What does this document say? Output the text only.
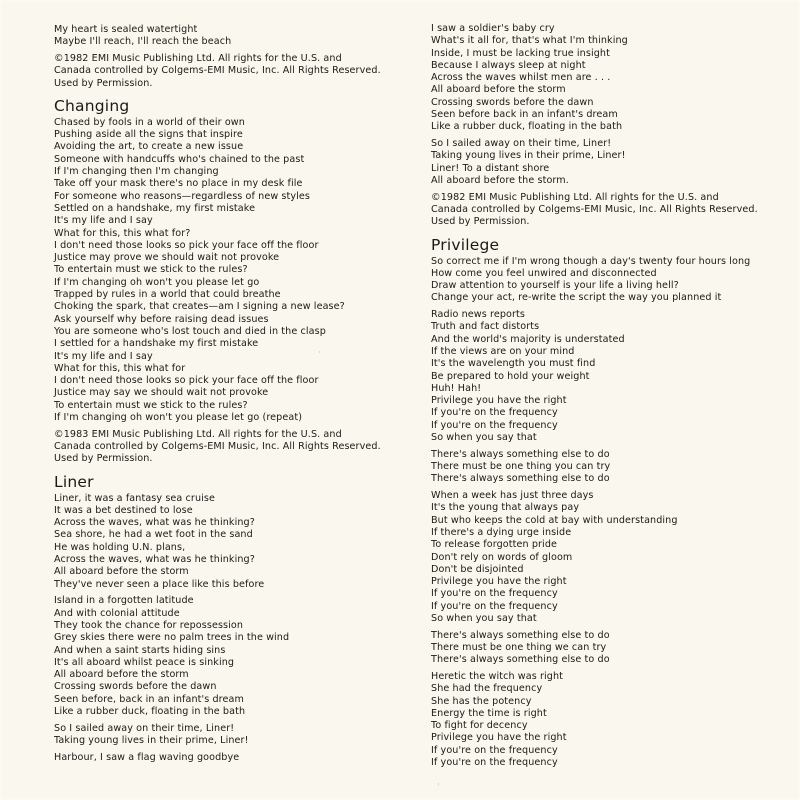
My heart is sealed watertight
Maybe I'll reach, I'll reach the beach
©1982 EMI Music Publishing Ltd. All rights for the U.S. and
Canada controlled by Colgems-EMI Music, Inc. All Rights Reserved.
Used by Permission.
Changing
Chased by fools in a world of their own
Pushing aside all the signs that inspire
Avoiding the art, to create a new issue
Someone with handcuffs who's chained to the past
If I'm changing then I'm changing
Take off your mask there's no place in my desk file
For someone who reasons—regardless of new styles
Settled on a handshake, my first mistake
It's my life and I say
What for this, this what for?
I don't need those looks so pick your face off the floor
Justice may prove we should wait not provoke
To entertain must we stick to the rules?
If I'm changing oh won't you please let go
Trapped by rules in a world that could breathe
Choking the spark, that creates—am I signing a new lease?
Ask yourself why before raising dead issues
You are someone who's lost touch and died in the clasp
I settled for a handshake my first mistake
It's my life and I say
What for this, this what for
I don't need those looks so pick your face off the floor
Justice may say we should wait not provoke
To entertain must we stick to the rules?
If I'm changing oh won't you please let go (repeat)
©1983 EMI Music Publishing Ltd. All rights for the U.S. and
Canada controlled by Colgems-EMI Music, Inc. All Rights Reserved.
Used by Permission.
Liner
Liner, it was a fantasy sea cruise
It was a bet destined to lose
Across the waves, what was he thinking?
Sea shore, he had a wet foot in the sand
He was holding U.N. plans,
Across the waves, what was he thinking?
All aboard before the storm
They've never seen a place like this before
Island in a forgotten latitude
And with colonial attitude
They took the chance for repossession
Grey skies there were no palm trees in the wind
And when a saint starts hiding sins
It's all aboard whilst peace is sinking
All aboard before the storm
Crossing swords before the dawn
Seen before, back in an infant's dream
Like a rubber duck, floating in the bath
So I sailed away on their time, Liner!
Taking young lives in their prime, Liner!
Harbour, I saw a flag waving goodbye
I saw a soldier's baby cry
What's it all for, that's what I'm thinking
Inside, I must be lacking true insight
Because I always sleep at night
Across the waves whilst men are . . .
All aboard before the storm
Crossing swords before the dawn
Seen before back in an infant's dream
Like a rubber duck, floating in the bath
So I sailed away on their time, Liner!
Taking young lives in their prime, Liner!
Liner! To a distant shore
All aboard before the storm.
©1982 EMI Music Publishing Ltd. All rights for the U.S. and
Canada controlled by Colgems-EMI Music, Inc. All Rights Reserved.
Used by Permission.
Privilege
So correct me if I'm wrong though a day's twenty four hours long
How come you feel unwired and disconnected
Draw attention to yourself is your life a living hell?
Change your act, re-write the script the way you planned it
Radio news reports
Truth and fact distorts
And the world's majority is understated
If the views are on your mind
It's the wavelength you must find
Be prepared to hold your weight
Huh! Hah!
Privilege you have the right
If you're on the frequency
If you're on the frequency
So when you say that
There's always something else to do
There must be one thing you can try
There's always something else to do
When a week has just three days
It's the young that always pay
But who keeps the cold at bay with understanding
If there's a dying urge inside
To release forgotten pride
Don't rely on words of gloom
Don't be disjointed
Privilege you have the right
If you're on the frequency
If you're on the frequency
So when you say that
There's always something else to do
There must be one thing we can try
There's always something else to do
Heretic the witch was right
She had the frequency
She has the potency
Energy the time is right
To fight for decency
Privilege you have the right
If you're on the frequency
If you're on the frequency
·
ˈ
